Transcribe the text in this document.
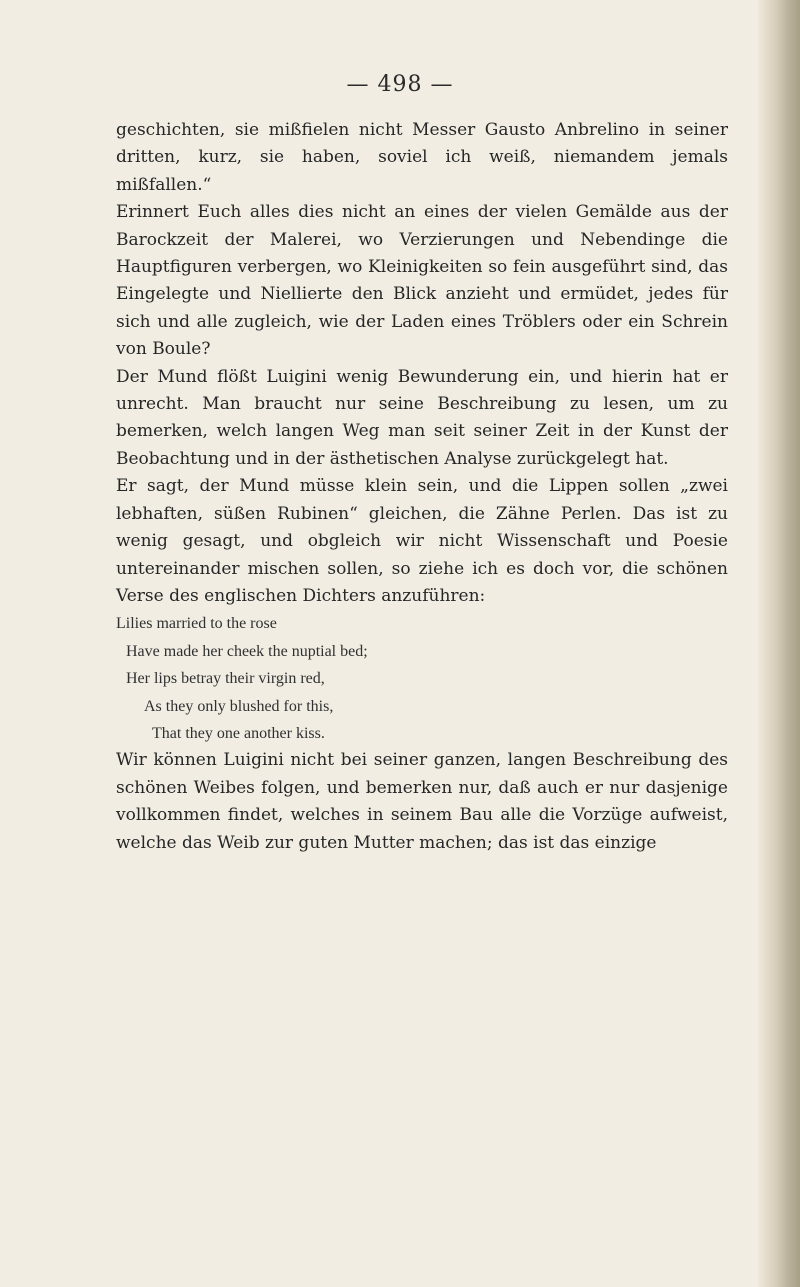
— 498 —

geschichten, sie mißfielen nicht Messer Gausto Anbrelino in seiner dritten, kurz, sie haben, soviel ich weiß, niemandem jemals mißfallen.“

Erinnert Euch alles dies nicht an eines der vielen Gemälde aus der Barockzeit der Malerei, wo Verzierungen und Nebendinge die Hauptfiguren verbergen, wo Kleinigkeiten so fein ausgeführt sind, das Eingelegte und Niellierte den Blick anzieht und ermüdet, jedes für sich und alle zugleich, wie der Laden eines Tröblers oder ein Schrein von Boule?

Der Mund flößt Luigini wenig Bewunderung ein, und hierin hat er unrecht. Man braucht nur seine Beschreibung zu lesen, um zu bemerken, welch langen Weg man seit seiner Zeit in der Kunst der Beobachtung und in der ästhetischen Analyse zurückgelegt hat.

Er sagt, der Mund müsse klein sein, und die Lippen sollen „zwei lebhaften, süßen Rubinen“ gleichen, die Zähne Perlen. Das ist zu wenig gesagt, und obgleich wir nicht Wissenschaft und Poesie untereinander mischen sollen, so ziehe ich es doch vor, die schönen Verse des englischen Dichters anzuführen:

Lilies married to the rose
Have made her cheek the nuptial bed;
Her lips betray their virgin red,
As they only blushed for this,
That they one another kiss.

Wir können Luigini nicht bei seiner ganzen, langen Beschreibung des schönen Weibes folgen, und bemerken nur, daß auch er nur dasjenige vollkommen findet, welches in seinem Bau alle die Vorzüge aufweist, welche das Weib zur guten Mutter machen; das ist das einzige
